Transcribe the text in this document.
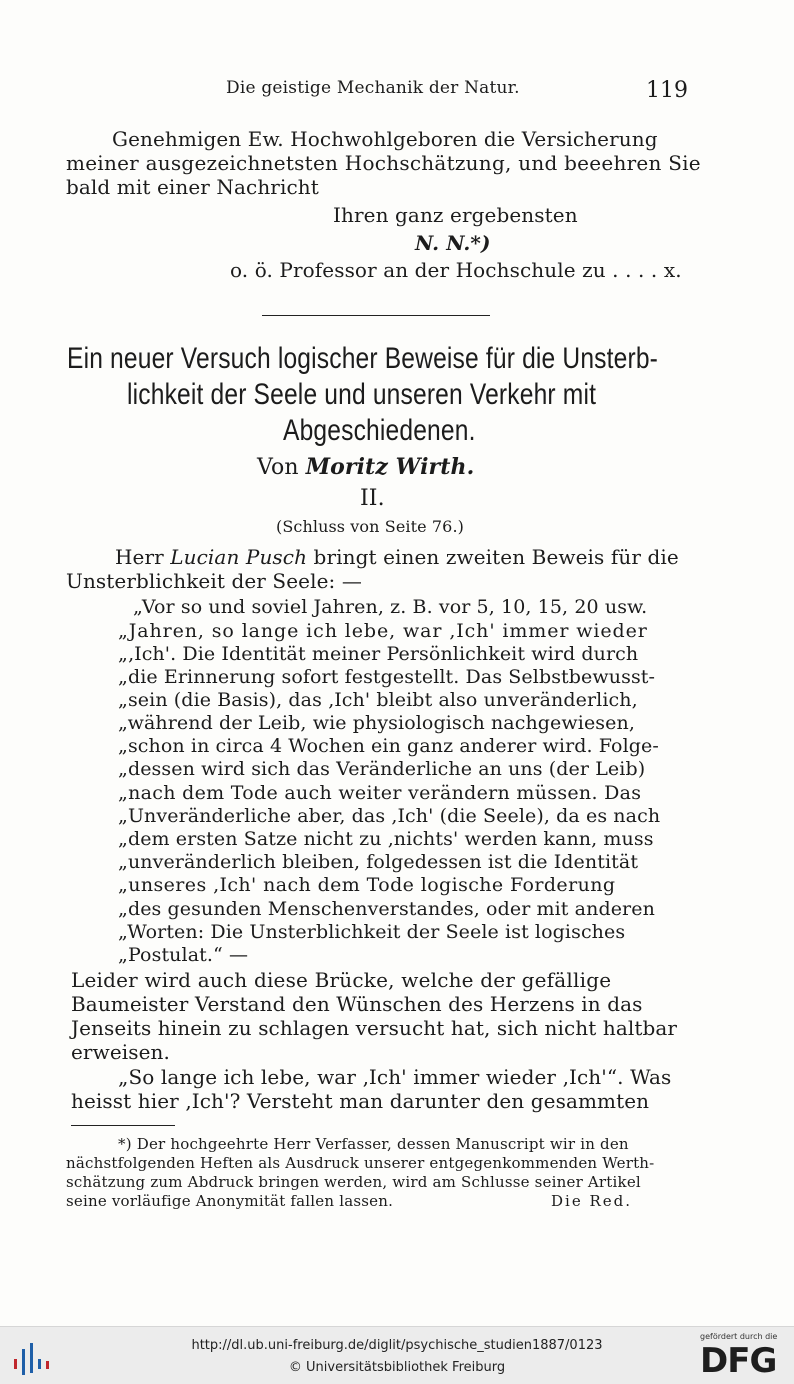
Die geistige Mechanik der Natur.	119
Genehmigen Ew. Hochwohlgeboren die Versicherung
meiner ausgezeichnetsten Hochschätzung, und beeehren Sie
bald mit einer Nachricht
Ihren ganz ergebensten
N. N.*)
o. ö. Professor an der Hochschule zu . . . . x.
Ein neuer Versuch logischer Beweise für die Unsterb-
lichkeit der Seele und unseren Verkehr mit
Abgeschiedenen.
Von Moritz Wirth.
II.
(Schluss von Seite 76.)
Herr Lucian Pusch bringt einen zweiten Beweis für die
Unsterblichkeit der Seele: —
„Vor so und soviel Jahren, z. B. vor 5, 10, 15, 20 usw.
„Jahren, so lange ich lebe, war ‚Ich' immer wieder
„‚Ich'. Die Identität meiner Persönlichkeit wird durch
„die Erinnerung sofort festgestellt. Das Selbstbewusst-
„sein (die Basis), das ‚Ich' bleibt also unveränderlich,
„während der Leib, wie physiologisch nachgewiesen,
„schon in circa 4 Wochen ein ganz anderer wird. Folge-
„dessen wird sich das Veränderliche an uns (der Leib)
„nach dem Tode auch weiter verändern müssen. Das
„Unveränderliche aber, das ‚Ich' (die Seele), da es nach
„dem ersten Satze nicht zu ‚nichts' werden kann, muss
„unveränderlich bleiben, folgedessen ist die Identität
„unseres ‚Ich' nach dem Tode logische Forderung
„des gesunden Menschenverstandes, oder mit anderen
„Worten: Die Unsterblichkeit der Seele ist logisches
„Postulat.“ —
Leider wird auch diese Brücke, welche der gefällige
Baumeister Verstand den Wünschen des Herzens in das
Jenseits hinein zu schlagen versucht hat, sich nicht haltbar
erweisen.
„So lange ich lebe, war ‚Ich' immer wieder ‚Ich'“. Was
heisst hier ‚Ich'? Versteht man darunter den gesammten
*) Der hochgeehrte Herr Verfasser, dessen Manuscript wir in den
nächstfolgenden Heften als Ausdruck unserer entgegenkommenden Werth-
schätzung zum Abdruck bringen werden, wird am Schlusse seiner Artikel
seine vorläufige Anonymität fallen lassen.	Die Red.
http://dl.ub.uni-freiburg.de/diglit/psychische_studien1887/0123
© Universitätsbibliothek Freiburg
gefördert durch die
DFG
